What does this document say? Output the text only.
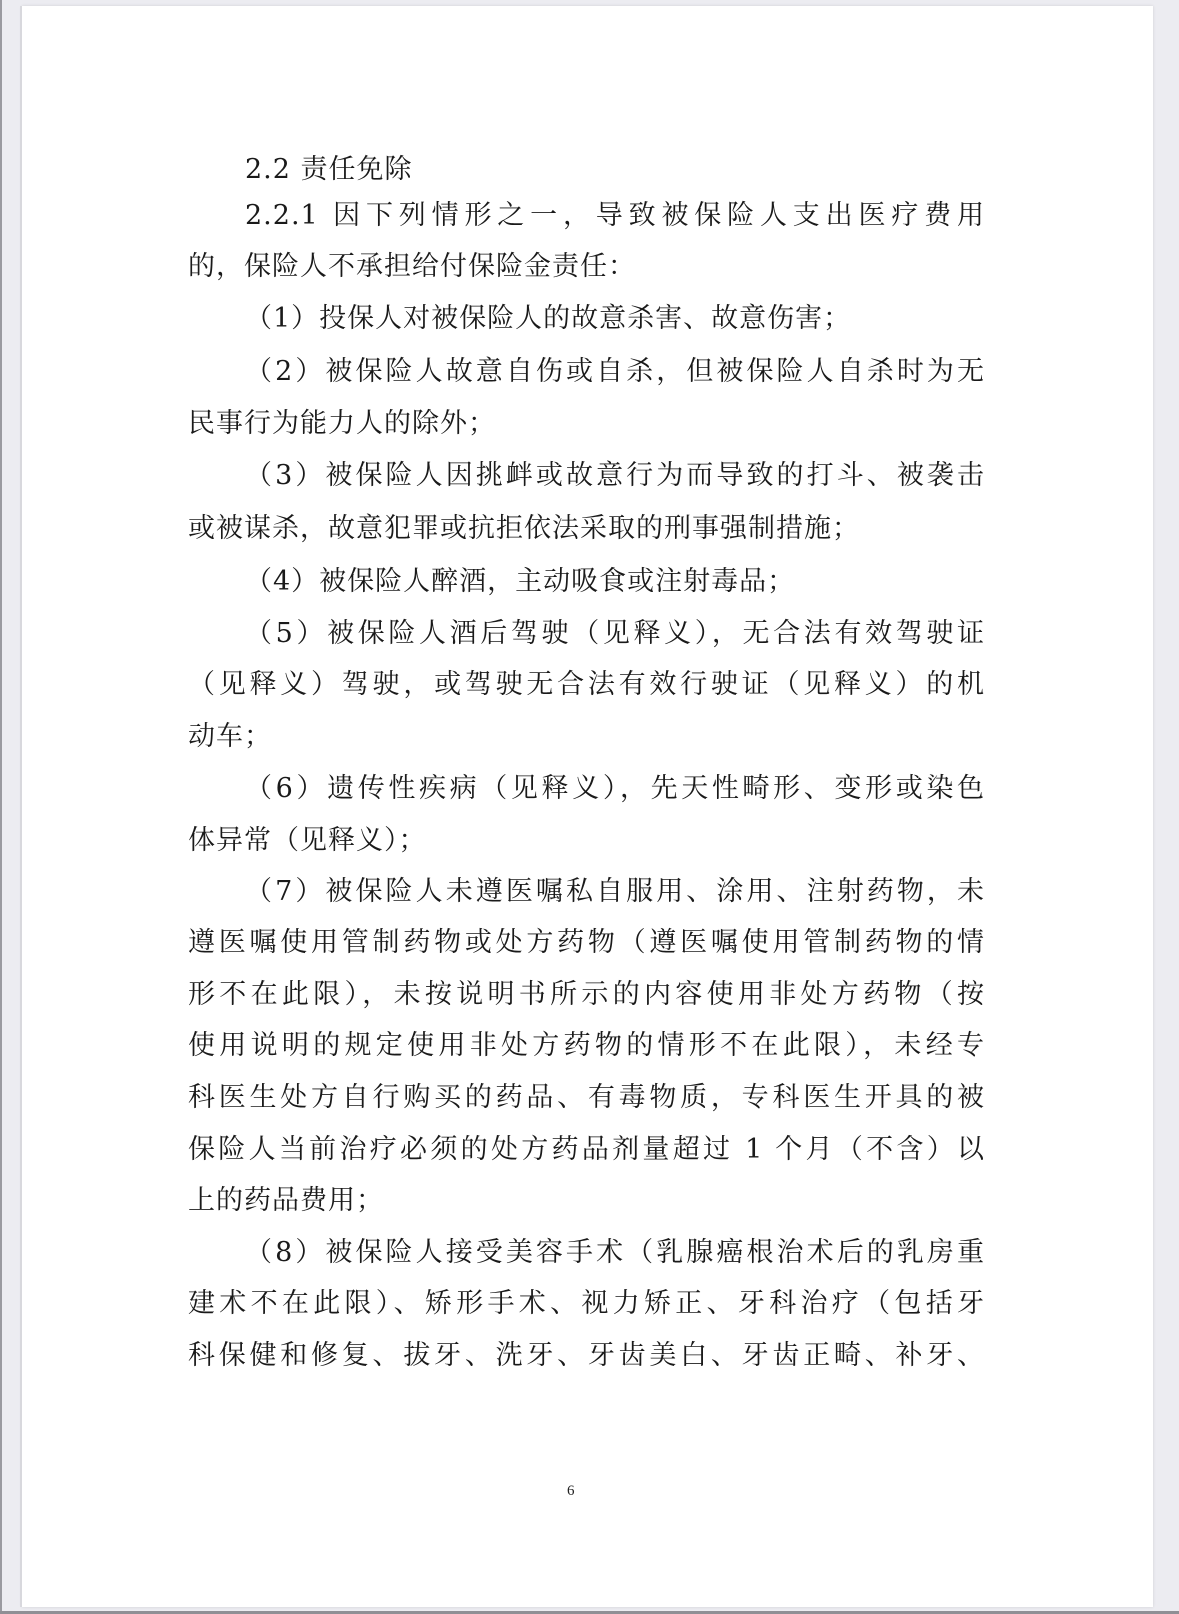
2.2 责任免除
2.2.1 因下列情形之一，导致被保险人支出医疗费用
的，保险人不承担给付保险金责任：
（1）投保人对被保险人的故意杀害、故意伤害；
（2）被保险人故意自伤或自杀，但被保险人自杀时为无
民事行为能力人的除外；
（3）被保险人因挑衅或故意行为而导致的打斗、被袭击
或被谋杀，故意犯罪或抗拒依法采取的刑事强制措施；
（4）被保险人醉酒，主动吸食或注射毒品；
（5）被保险人酒后驾驶（见释义），无合法有效驾驶证
（见释义）驾驶，或驾驶无合法有效行驶证（见释义）的机
动车；
（6）遗传性疾病（见释义），先天性畸形、变形或染色
体异常（见释义）；
（7）被保险人未遵医嘱私自服用、涂用、注射药物，未
遵医嘱使用管制药物或处方药物（遵医嘱使用管制药物的情
形不在此限），未按说明书所示的内容使用非处方药物（按
使用说明的规定使用非处方药物的情形不在此限），未经专
科医生处方自行购买的药品、有毒物质，专科医生开具的被
保险人当前治疗必须的处方药品剂量超过 1 个月（不含）以
上的药品费用；
（8）被保险人接受美容手术（乳腺癌根治术后的乳房重
建术不在此限）、矫形手术、视力矫正、牙科治疗（包括牙
科保健和修复、拔牙、洗牙、牙齿美白、牙齿正畸、补牙、
6
